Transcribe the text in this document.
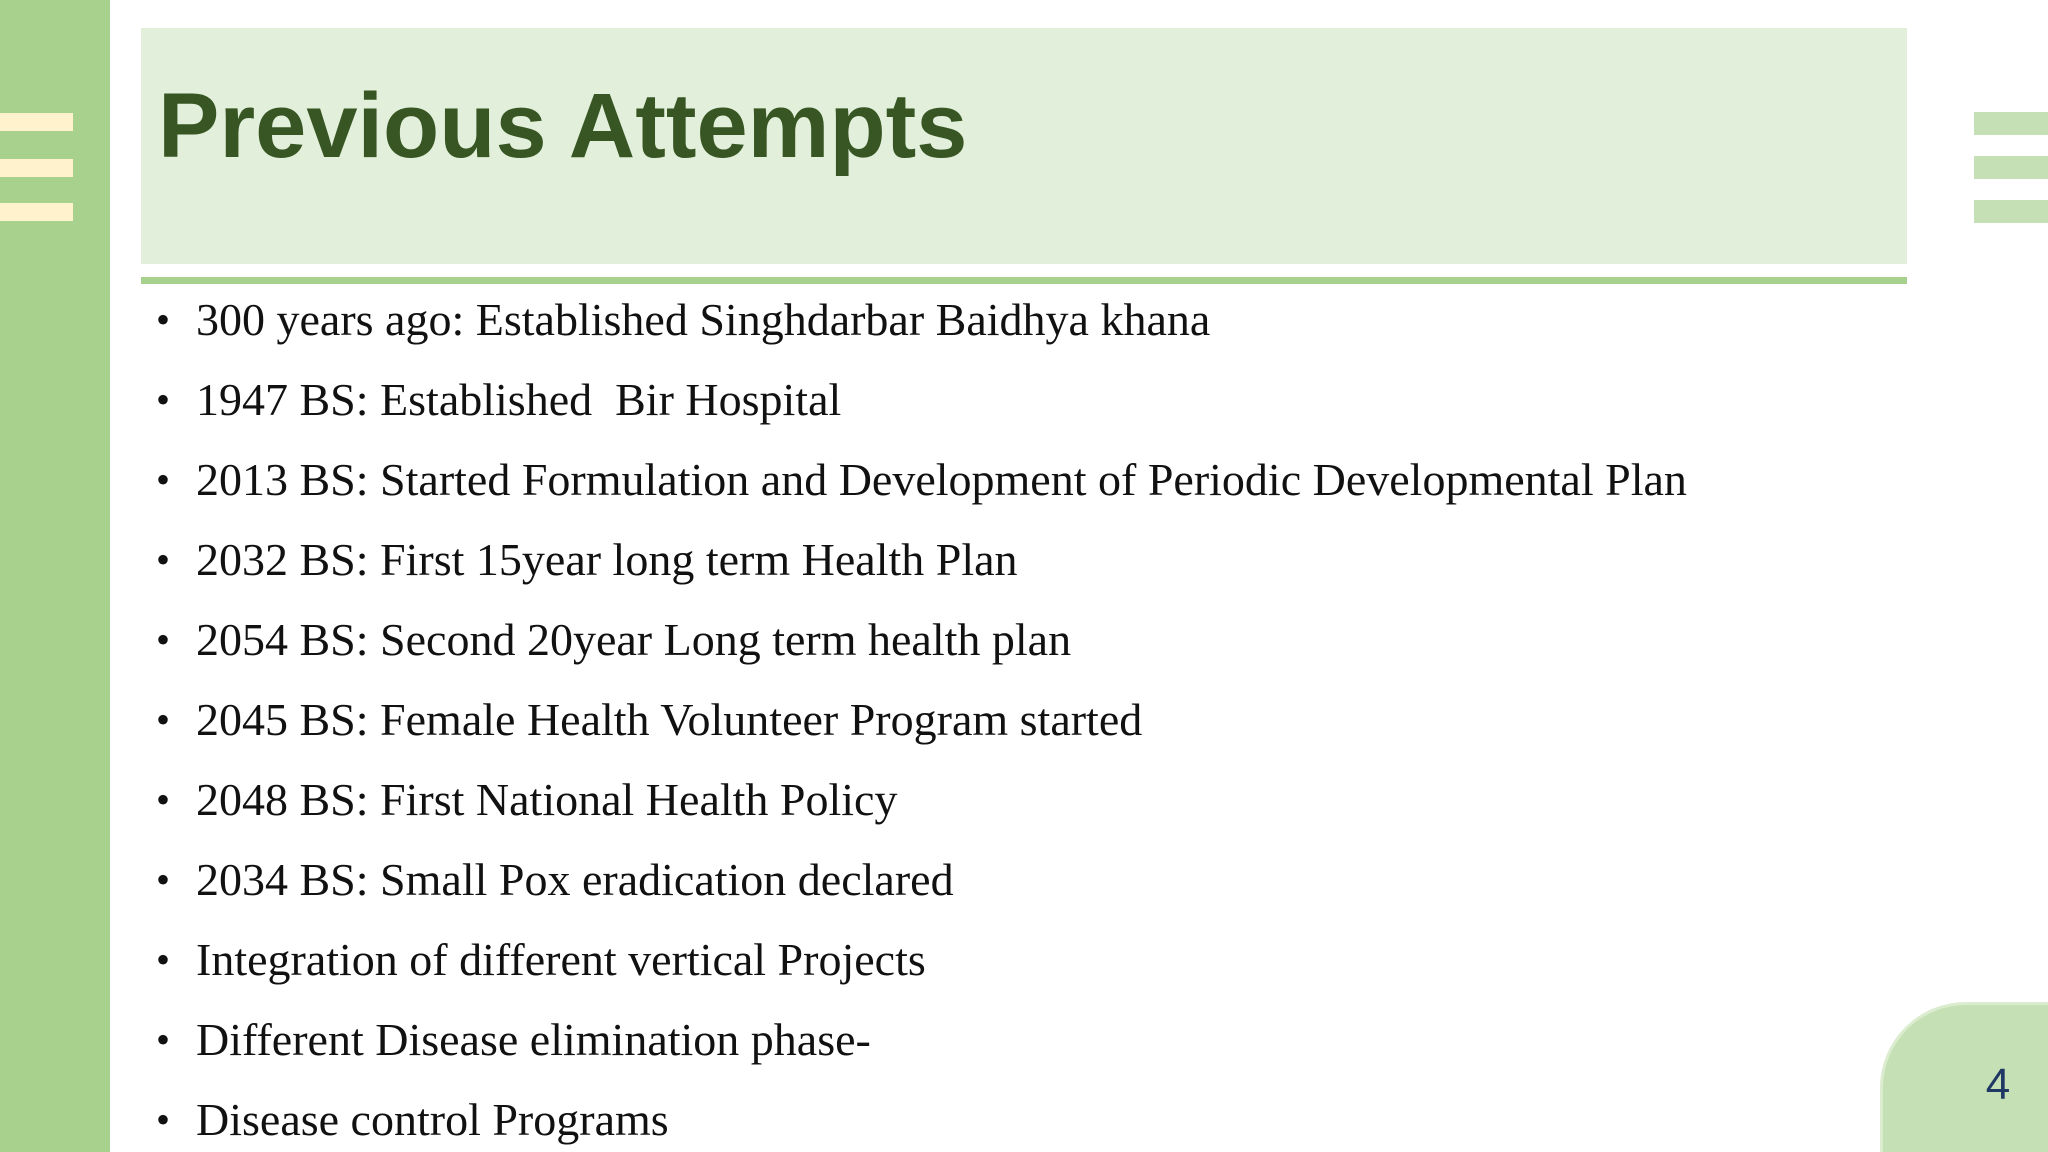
Previous Attempts
• 300 years ago: Established Singhdarbar Baidhya khana
• 1947 BS: Established  Bir Hospital
• 2013 BS: Started Formulation and Development of Periodic Developmental Plan
• 2032 BS: First 15year long term Health Plan
• 2054 BS: Second 20year Long term health plan
• 2045 BS: Female Health Volunteer Program started
• 2048 BS: First National Health Policy
• 2034 BS: Small Pox eradication declared
• Integration of different vertical Projects
• Different Disease elimination phase-
• Disease control Programs
4
